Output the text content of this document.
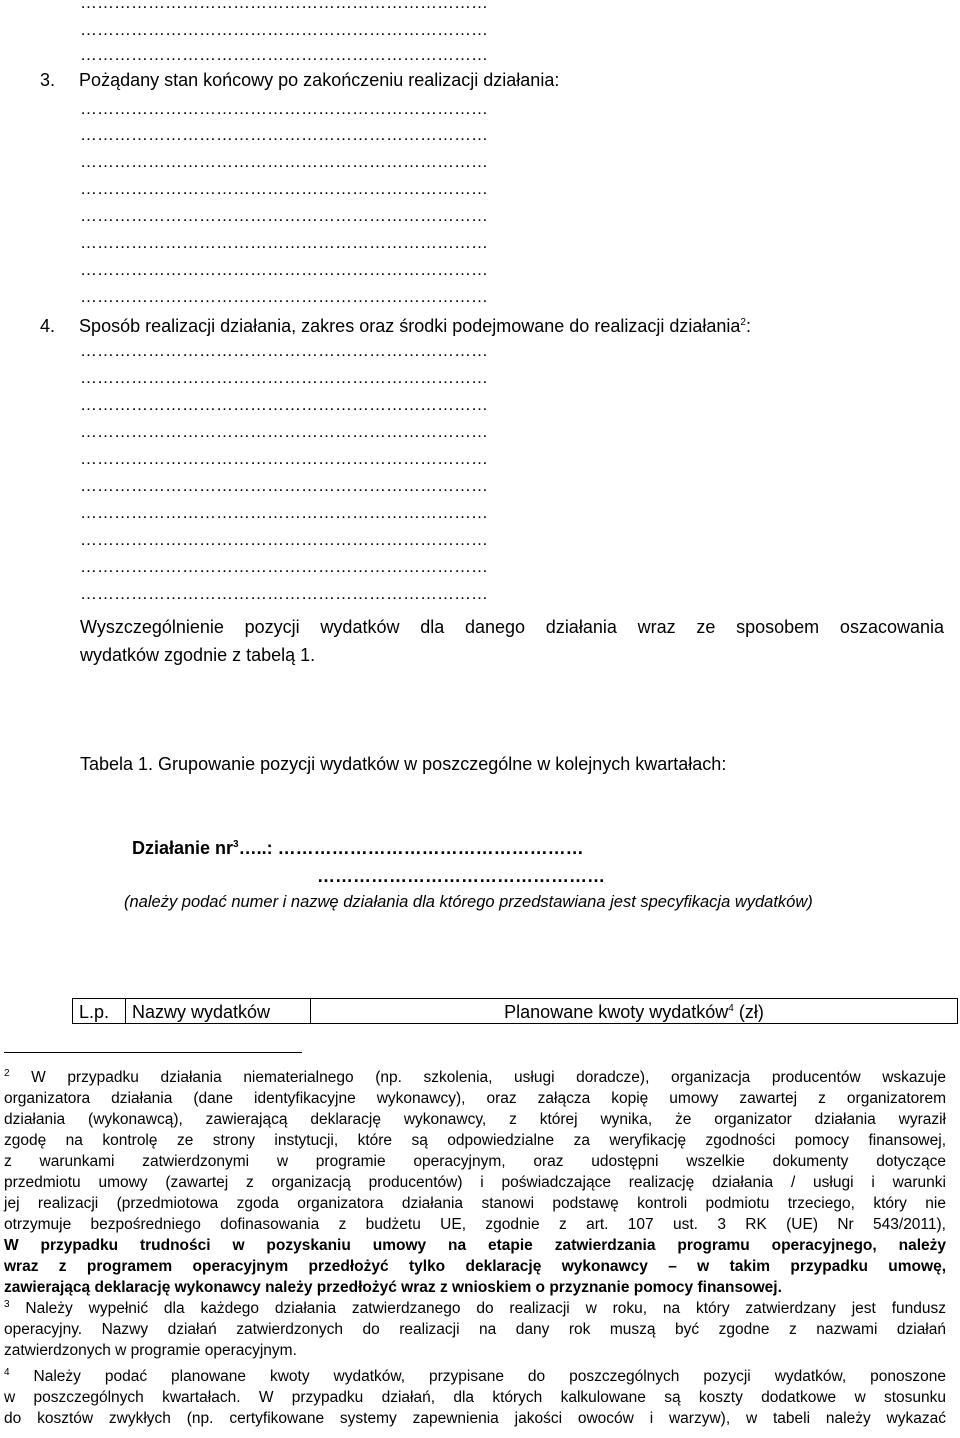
………………………………………………………………
………………………………………………………………
………………………………………………………………
3. Pożądany stan końcowy po zakończeniu realizacji działania:
………………………………………………………………
………………………………………………………………
………………………………………………………………
………………………………………………………………
………………………………………………………………
………………………………………………………………
………………………………………………………………
………………………………………………………………
4. Sposób realizacji działania, zakres oraz środki podejmowane do realizacji działania$^2$:
………………………………………………………………
………………………………………………………………
………………………………………………………………
………………………………………………………………
………………………………………………………………
………………………………………………………………
………………………………………………………………
………………………………………………………………
………………………………………………………………
………………………………………………………………
Wyszczególnienie pozycji wydatków dla danego działania wraz ze sposobem oszacowania
wydatków zgodnie z tabelą 1.
Tabela 1. Grupowanie pozycji wydatków w poszczególne w kolejnych kwartałach:
Działanie $nr^3\dots$..: ……………………………………………
…………………………………………
(należy podać numer i nazwę działania dla którego przedstawiana jest specyfikacja wydatków)
L.p.	Nazwy wydatków	Planowane kwoty wydatków$^4$ (zł)
$^2$ W przypadku działania niematerialnego (np. szkolenia, usługi doradcze), organizacja producentów wskazuje
organizatora działania (dane identyfikacyjne wykonawcy), oraz załącza kopię umowy zawartej z organizatorem
działania (wykonawcą), zawierającą deklarację wykonawcy, z której wynika, że organizator działania wyraził
zgodę na kontrolę ze strony instytucji, które są odpowiedzialne za weryfikację zgodności pomocy finansowej,
z warunkami zatwierdzonymi w programie operacyjnym, oraz udostępni wszelkie dokumenty dotyczące
przedmiotu umowy (zawartej z organizacją producentów) i poświadczające realizację działania / usługi i warunki
jej realizacji (przedmiotowa zgoda organizatora działania stanowi podstawę kontroli podmiotu trzeciego, który nie
otrzymuje bezpośredniego dofinasowania z budżetu UE, zgodnie z art. 107 ust. 3 RK (UE) Nr 543/2011),
W przypadku trudności w pozyskaniu umowy na etapie zatwierdzania programu operacyjnego, należy
wraz z programem operacyjnym przedłożyć tylko deklarację wykonawcy – w takim przypadku umowę,
zawierającą deklarację wykonawcy należy przedłożyć wraz z wnioskiem o przyznanie pomocy finansowej.
$^3$ Należy wypełnić dla każdego działania zatwierdzanego do realizacji w roku, na który zatwierdzany jest fundusz
operacyjny. Nazwy działań zatwierdzonych do realizacji na dany rok muszą być zgodne z nazwami działań
zatwierdzonych w programie operacyjnym.
$^4$ Należy podać planowane kwoty wydatków, przypisane do poszczególnych pozycji wydatków, ponoszone
w poszczególnych kwartałach. W przypadku działań, dla których kalkulowane są koszty dodatkowe w stosunku
do kosztów zwykłych (np. certyfikowane systemy zapewnienia jakości owoców i warzyw), w tabeli należy wykazać
